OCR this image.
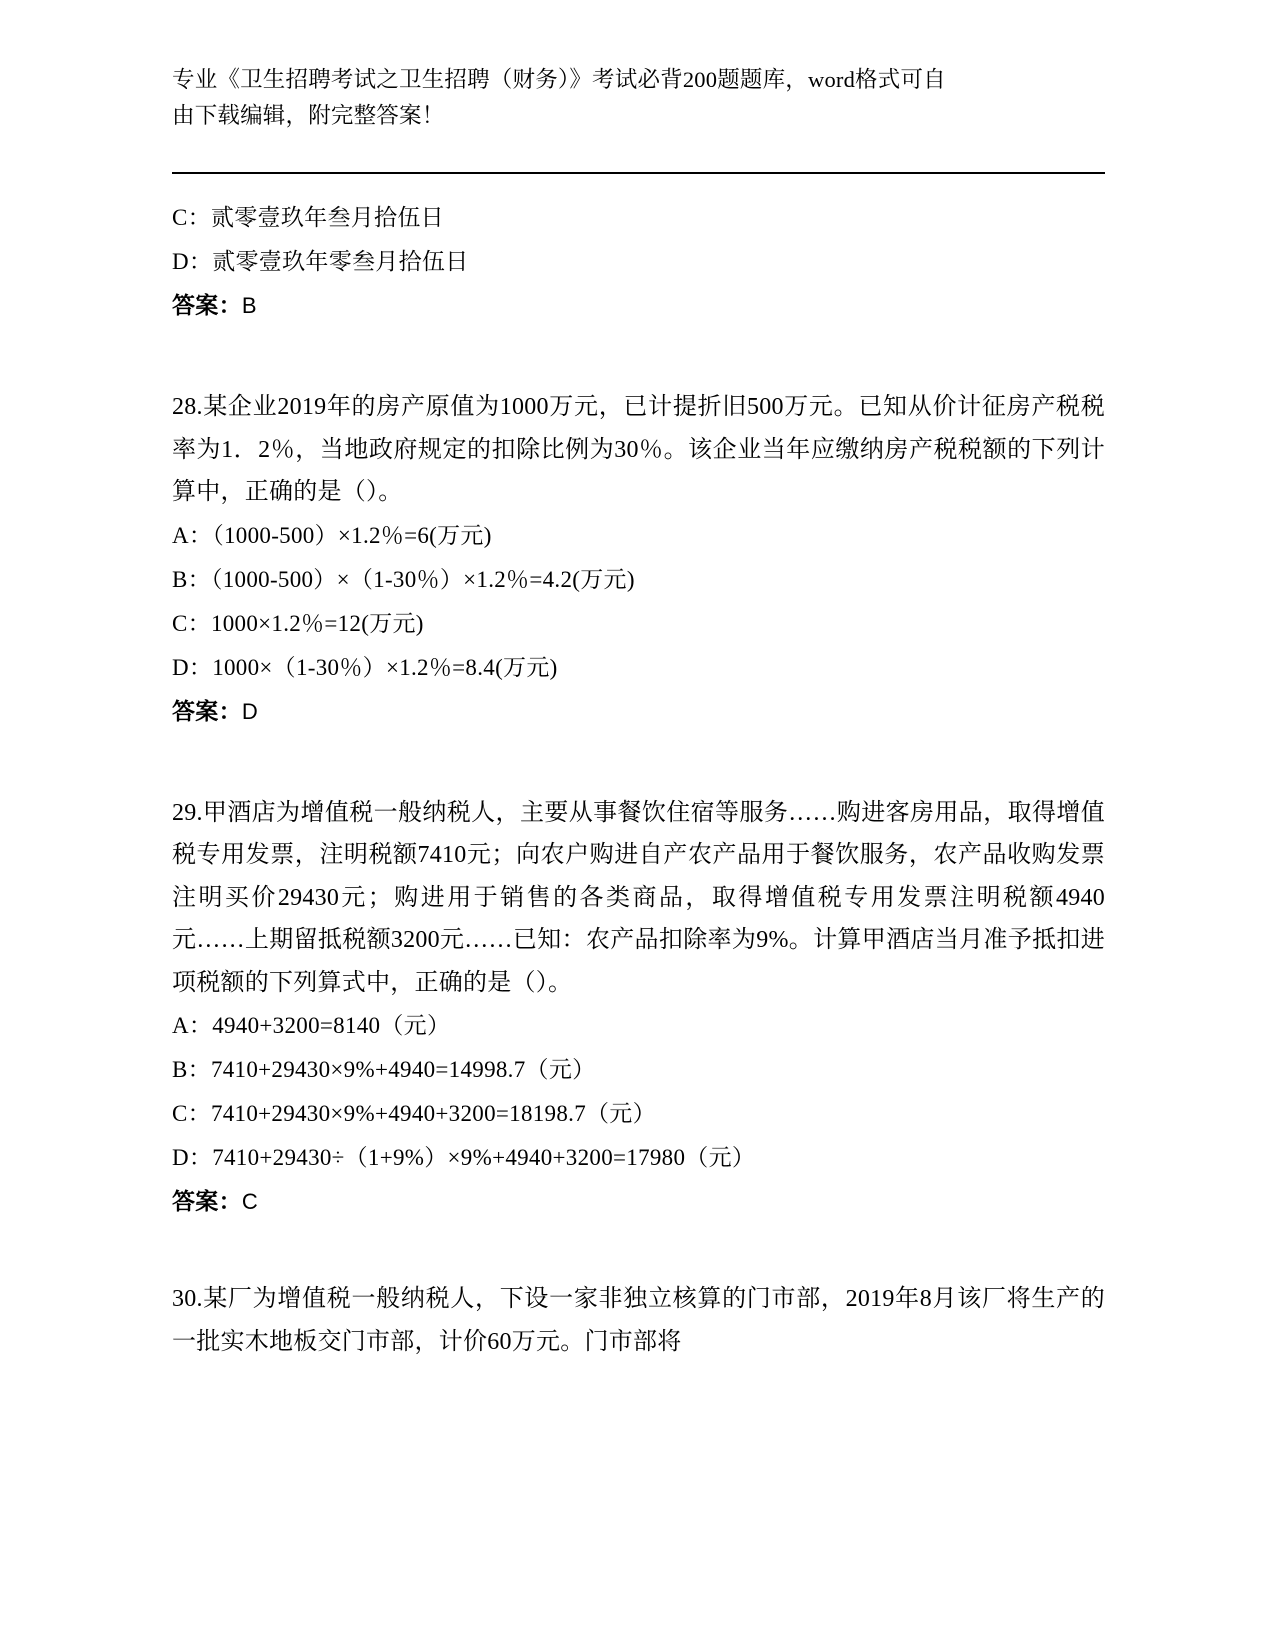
专业《卫生招聘考试之卫生招聘（财务）》考试必背200题题库，word格式可自
由下载编辑，附完整答案！
C：贰零壹玖年叁月拾伍日
D：贰零壹玖年零叁月拾伍日
答案：B
28.某企业2019年的房产原值为1000万元，已计提折旧500万元。已知从价计征房产税税率为1．2％，当地政府规定的扣除比例为30％。该企业当年应缴纳房产税税额的下列计算中，正确的是（）。
A：（1000-500）×1.2％=6(万元)
B：（1000-500）×（1-30％）×1.2％=4.2(万元)
C：1000×1.2％=12(万元)
D：1000×（1-30％）×1.2％=8.4(万元)
答案：D
29.甲酒店为增值税一般纳税人，主要从事餐饮住宿等服务……购进客房用品，取得增值税专用发票，注明税额7410元；向农户购进自产农产品用于餐饮服务，农产品收购发票注明买价29430元；购进用于销售的各类商品，取得增值税专用发票注明税额4940元……上期留抵税额3200元……已知：农产品扣除率为9%。计算甲酒店当月准予抵扣进项税额的下列算式中，正确的是（）。
A：4940+3200=8140（元）
B：7410+29430×9%+4940=14998.7（元）
C：7410+29430×9%+4940+3200=18198.7（元）
D：7410+29430÷（1+9%）×9%+4940+3200=17980（元）
答案：C
30.某厂为增值税一般纳税人，下设一家非独立核算的门市部，2019年8月该厂将生产的一批实木地板交门市部，计价60万元。门市部将
